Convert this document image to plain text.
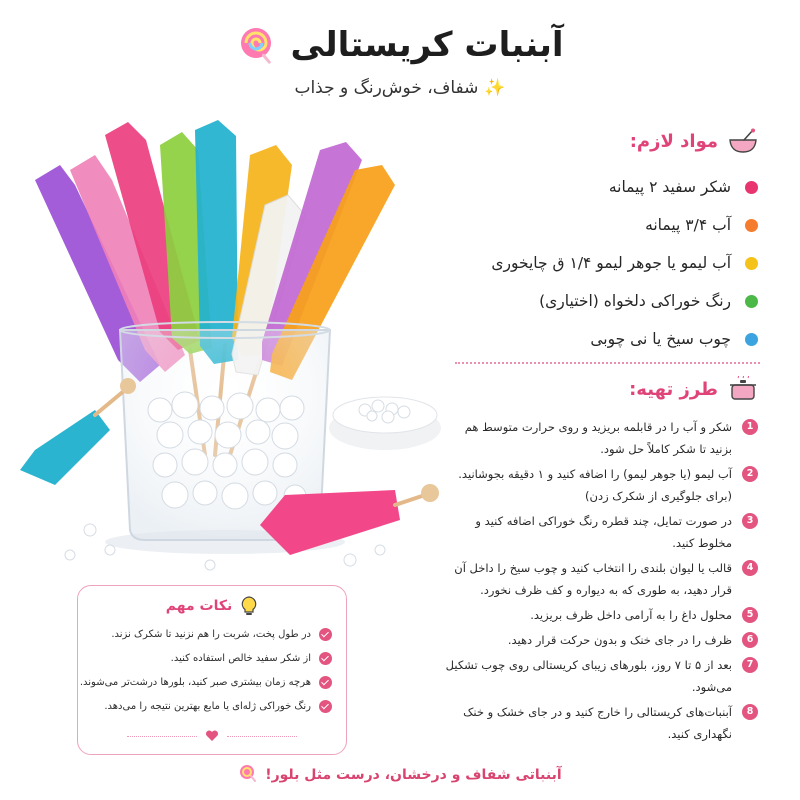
آبنبات کریستالی
✨شفاف، خوش‌رنگ و جذاب
مواد لازم:
شکر سفید ۲ پیمانه
آب ۳/۴ پیمانه
آب لیمو یا جوهر لیمو ۱/۴ ق چایخوری
رنگ خوراکی دلخواه (اختیاری)
چوب سیخ یا نی چوبی
طرز تهیه:
1
شکر و آب را در قابلمه بریزید و روی حرارت متوسط هم بزنید تا شکر کاملاً حل شود.
2
آب لیمو (یا جوهر لیمو) را اضافه کنید و ۱ دقیقه بجوشانید. (برای جلوگیری از شکرک زدن)
3
در صورت تمایل، چند قطره رنگ خوراکی اضافه کنید و مخلوط کنید.
4
قالب یا لیوان بلندی را انتخاب کنید و چوب سیخ را داخل آن قرار دهید، به طوری که به دیواره و کف ظرف نخورد.
5
محلول داغ را به آرامی داخل ظرف بریزید.
6
ظرف را در جای خنک و بدون حرکت قرار دهید.
7
بعد از ۵ تا ۷ روز، بلورهای زیبای کریستالی روی چوب تشکیل می‌شود.
8
آبنبات‌های کریستالی را خارج کنید و در جای خشک و خنک نگهداری کنید.
نکات مهم
در طول پخت، شربت را هم نزنید تا شکرک نزند.
از شکر سفید خالص استفاده کنید.
هرچه زمان بیشتری صبر کنید، بلورها درشت‌تر می‌شوند.
رنگ خوراکی ژله‌ای یا مایع بهترین نتیجه را می‌دهد.
آبنباتی شفاف و درخشان، درست مثل بلور!
